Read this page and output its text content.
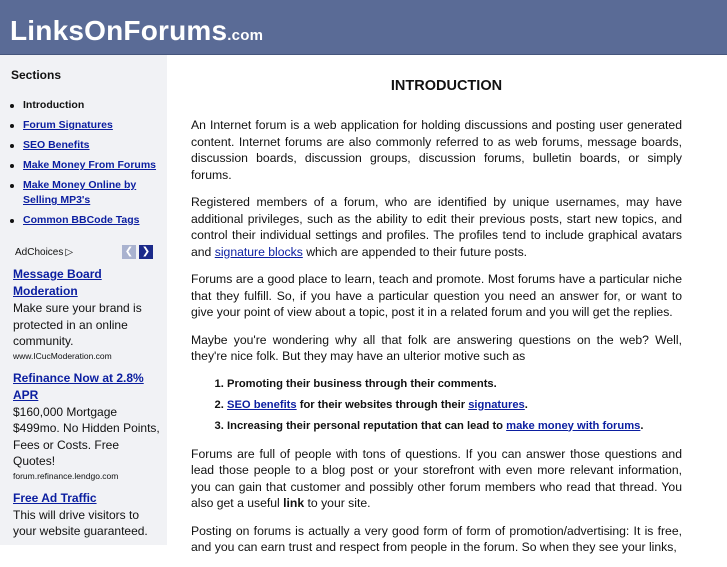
LinksOnForums.com
Sections
Introduction
Forum Signatures
SEO Benefits
Make Money From Forums
Make Money Online by Selling MP3's
Common BBCode Tags
AdChoices ▷	❮ ❯
Message Board Moderation
Make sure your brand is protected in an online community.
www.ICucModeration.com
Refinance Now at 2.8% APR
$160,000 Mortgage $499mo. No Hidden Points, Fees or Costs. Free Quotes!
forum.refinance.lendgo.com
Free Ad Traffic
This will drive visitors to your website guaranteed.
INTRODUCTION

An Internet forum is a web application for holding discussions and posting user generated content. Internet forums are also commonly referred to as web forums, message boards, discussion boards, discussion groups, discussion forums, bulletin boards, or simply forums.

Registered members of a forum, who are identified by unique usernames, may have additional privileges, such as the ability to edit their previous posts, start new topics, and control their individual settings and profiles. The profiles tend to include graphical avatars and signature blocks which are appended to their future posts.

Forums are a good place to learn, teach and promote. Most forums have a particular niche that they fulfill. So, if you have a particular question you need an answer for, or want to give your point of view about a topic, post it in a related forum and you will get the replies.

Maybe you're wondering why all that folk are answering questions on the web? Well, they're nice folk. But they may have an ulterior motive such as

1. Promoting their business through their comments.
2. SEO benefits for their websites through their signatures.
3. Increasing their personal reputation that can lead to make money with forums.

Forums are full of people with tons of questions. If you can answer those questions and lead those people to a blog post or your storefront with even more relevant information, you can gain that customer and possibly other forum members who read that thread. You also get a useful link to your site.

Posting on forums is actually a very good form of form of promotion/advertising: It is free, and you can earn trust and respect from people in the forum. So when they see your links,
